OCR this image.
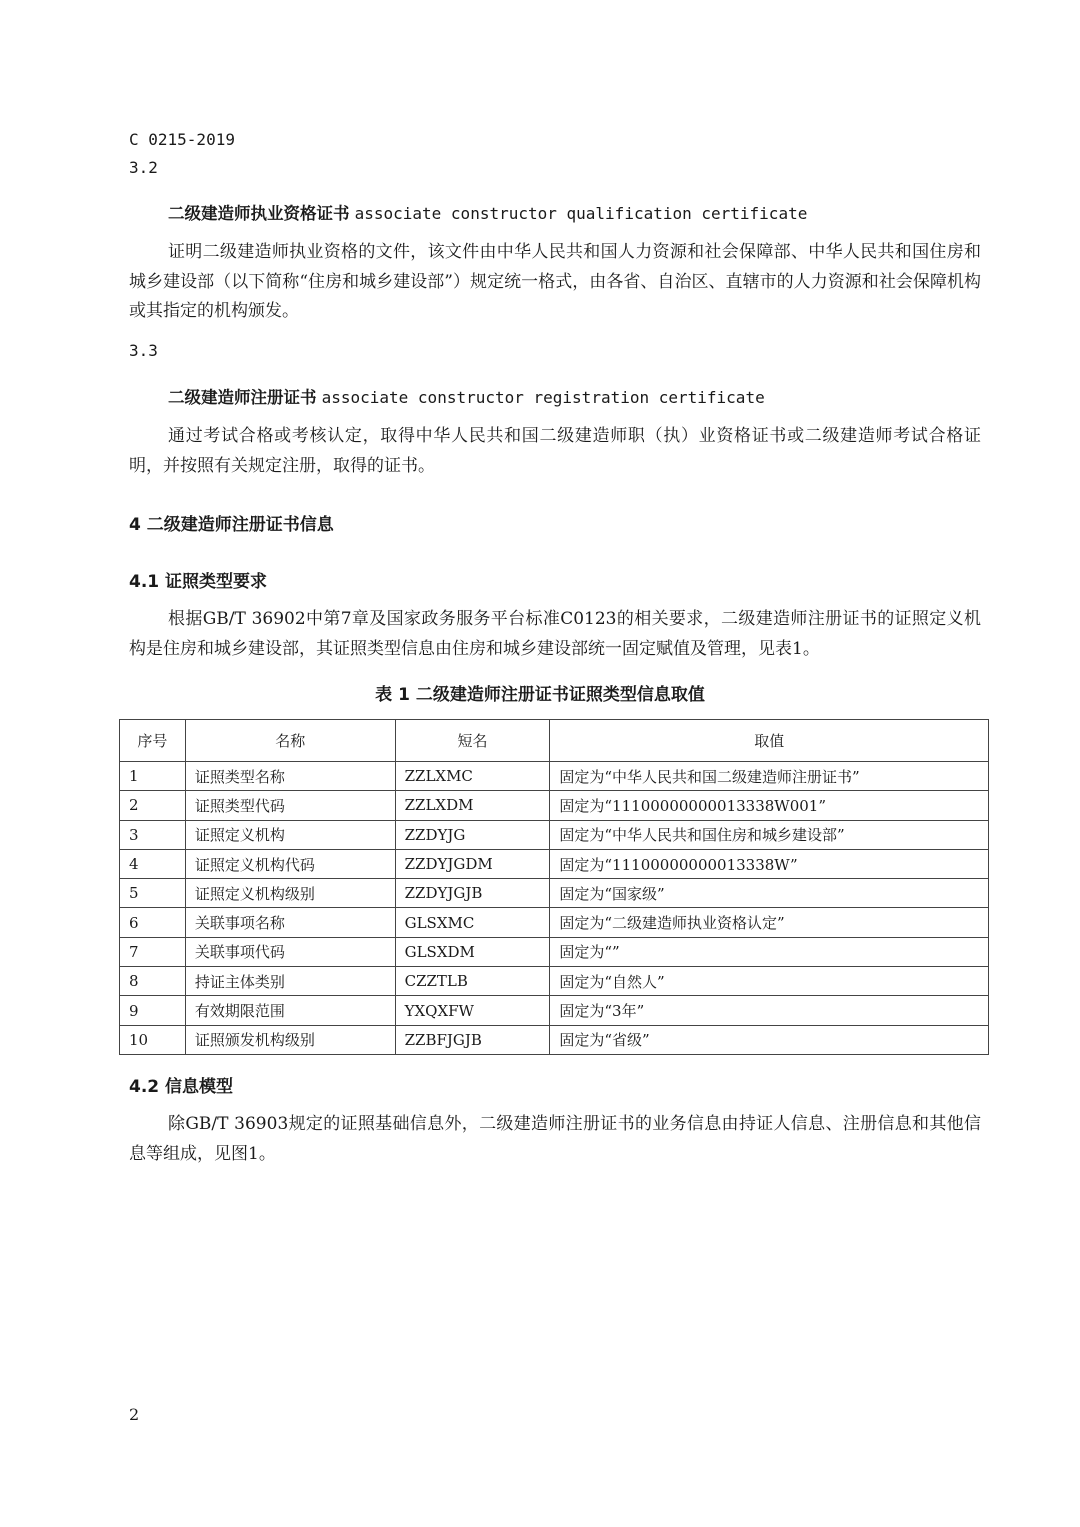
C 0215-2019
3.2
二级建造师执业资格证书 associate constructor qualification certificate
证明二级建造师执业资格的文件，该文件由中华人民共和国人力资源和社会保障部、中华人民共和国住房和城乡建设部（以下简称“住房和城乡建设部”）规定统一格式，由各省、自治区、直辖市的人力资源和社会保障机构或其指定的机构颁发。
3.3
二级建造师注册证书 associate constructor registration certificate
通过考试合格或考核认定，取得中华人民共和国二级建造师职（执）业资格证书或二级建造师考试合格证明，并按照有关规定注册，取得的证书。
4 二级建造师注册证书信息
4.1 证照类型要求
根据GB/T 36902中第7章及国家政务服务平台标准C0123的相关要求，二级建造师注册证书的证照定义机构是住房和城乡建设部，其证照类型信息由住房和城乡建设部统一固定赋值及管理，见表1。
表 1 二级建造师注册证书证照类型信息取值
序号	名称	短名	取值
1	证照类型名称	ZZLXMC	固定为“中华人民共和国二级建造师注册证书”
2	证照类型代码	ZZLXDM	固定为“11100000000013338W001”
3	证照定义机构	ZZDYJG	固定为“中华人民共和国住房和城乡建设部”
4	证照定义机构代码	ZZDYJGDM	固定为“11100000000013338W”
5	证照定义机构级别	ZZDYJGJB	固定为“国家级”
6	关联事项名称	GLSXMC	固定为“二级建造师执业资格认定”
7	关联事项代码	GLSXDM	固定为“”
8	持证主体类别	CZZTLB	固定为“自然人”
9	有效期限范围	YXQXFW	固定为“3年”
10	证照颁发机构级别	ZZBFJGJB	固定为“省级”
4.2 信息模型
除GB/T 36903规定的证照基础信息外，二级建造师注册证书的业务信息由持证人信息、注册信息和其他信息等组成，见图1。
2
